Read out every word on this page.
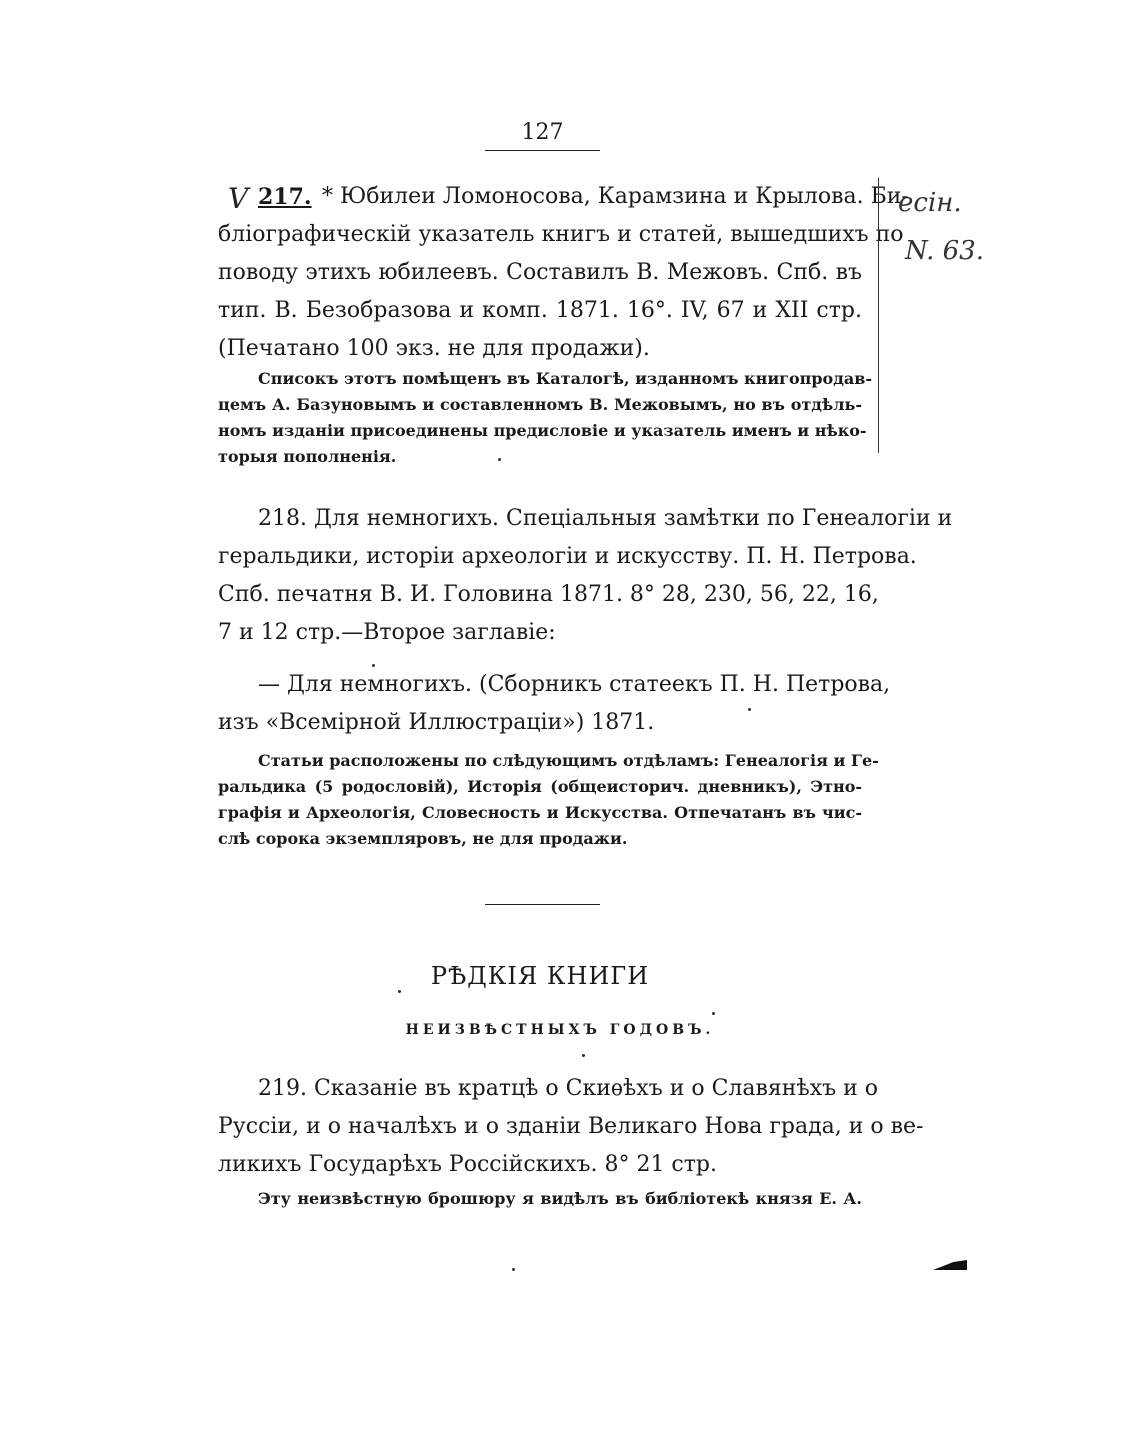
127
V 217. * Юбилеи Ломоносова, Карамзина и Крылова. Би-
бліографическій указатель книгъ и статей, вышедшихъ по
поводу этихъ юбилеевъ. Составилъ В. Межовъ. Спб. въ
тип. В. Безобразова и комп. 1871. 16°. IV, 67 и XII стр.
(Печатано 100 экз. не для продажи).
Списокъ этотъ помѣщенъ въ Каталогѣ, изданномъ книгопродав-
цемъ А. Базуновымъ и составленномъ В. Межовымъ, но въ отдѣль-
номъ изданіи присоединены предисловіе и указатель именъ и нѣко-
торыя пополненія.
есін.
N. 63.
218. Для немногихъ. Спеціальныя замѣтки по Генеалогіи и
геральдики, исторіи археологіи и искусству. П. Н. Петрова.
Спб. печатня В. И. Головина 1871. 8° 28, 230, 56, 22, 16,
7 и 12 стр.—Второе заглавіе:
— Для немногихъ. (Сборникъ статеекъ П. Н. Петрова,
изъ «Всемірной Иллюстраціи») 1871.
Статьи расположены по слѣдующимъ отдѣламъ: Генеалогія и Ге-
ральдика (5 родословій), Исторія (общеисторич. дневникъ), Этно-
графія и Археологія, Словесность и Искусства. Отпечатанъ въ чис-
слѣ сорока экземпляровъ, не для продажи.
РѢДКІЯ КНИГИ
НЕИЗВѢСТНЫХЪ ГОДОВЪ.
219. Сказаніе въ кратцѣ о Скиѳѣхъ и о Славянѣхъ и о
Руссіи, и о началѣхъ и о зданіи Великаго Нова града, и о ве-
ликихъ Государѣхъ Россійскихъ. 8° 21 стр.
Эту неизвѣстную брошюру я видѣлъ въ библіотекѣ князя Е. А.
